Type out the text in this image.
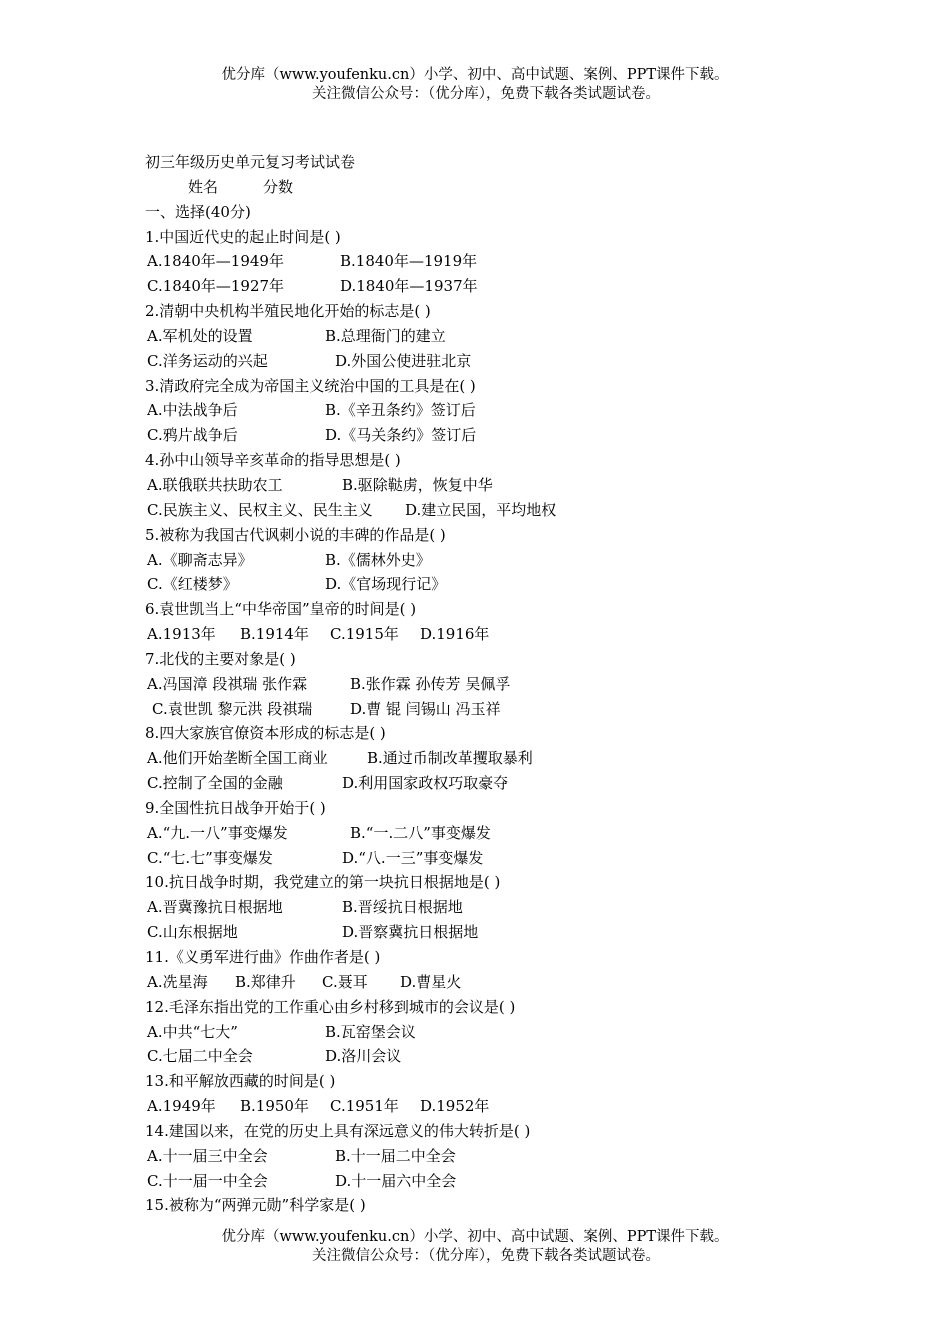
优分库（www.youfenku.cn）小学、初中、高中试题、案例、PPT课件下载。
关注微信公众号：（优分库），免费下载各类试题试卷。
初三年级历史单元复习考试试卷
姓名	分数
一、选择(40分)
1.中国近代史的起止时间是( )
A.1840年—1949年	B.1840年—1919年
C.1840年—1927年	D.1840年—1937年
2.清朝中央机构半殖民地化开始的标志是( )
A.军机处的设置	B.总理衙门的建立
C.洋务运动的兴起	D.外国公使进驻北京
3.清政府完全成为帝国主义统治中国的工具是在( )
A.中法战争后	B.《辛丑条约》签订后
C.鸦片战争后	D.《马关条约》签订后
4.孙中山领导辛亥革命的指导思想是( )
A.联俄联共扶助农工	B.驱除鞑虏，恢复中华
C.民族主义、民权主义、民生主义 D.建立民国，平均地权
5.被称为我国古代讽刺小说的丰碑的作品是( )
A.《聊斋志异》	B.《儒林外史》
C.《红楼梦》	D.《官场现行记》
6.袁世凯当上“中华帝国”皇帝的时间是( )
A.1913年 B.1914年 C.1915年 D.1916年
7.北伐的主要对象是( )
A.冯国漳 段祺瑞 张作霖	B.张作霖 孙传芳 吴佩孚
C.袁世凯 黎元洪 段祺瑞	D.曹 锟 闫锡山 冯玉祥
8.四大家族官僚资本形成的标志是( )
A.他们开始垄断全国工商业	B.通过币制改革攫取暴利
C.控制了全国的金融	D.利用国家政权巧取豪夺
9.全国性抗日战争开始于( )
A.“九.一八”事变爆发	B.“一.二八”事变爆发
C.“七.七”事变爆发	D.“八.一三”事变爆发
10.抗日战争时期，我党建立的第一块抗日根据地是( )
A.晋冀豫抗日根据地	B.晋绥抗日根据地
C.山东根据地	D.晋察冀抗日根据地
11.《义勇军进行曲》作曲作者是( )
A.冼星海 B.郑律升 C.聂耳 D.曹星火
12.毛泽东指出党的工作重心由乡村移到城市的会议是( )
A.中共“七大”	B.瓦窑堡会议
C.七届二中全会	D.洛川会议
13.和平解放西藏的时间是( )
A.1949年 B.1950年 C.1951年 D.1952年
14.建国以来，在党的历史上具有深远意义的伟大转折是( )
A.十一届三中全会	B.十一届二中全会
C.十一届一中全会	D.十一届六中全会
15.被称为“两弹元勋”科学家是( )
优分库（www.youfenku.cn）小学、初中、高中试题、案例、PPT课件下载。
关注微信公众号：（优分库），免费下载各类试题试卷。
